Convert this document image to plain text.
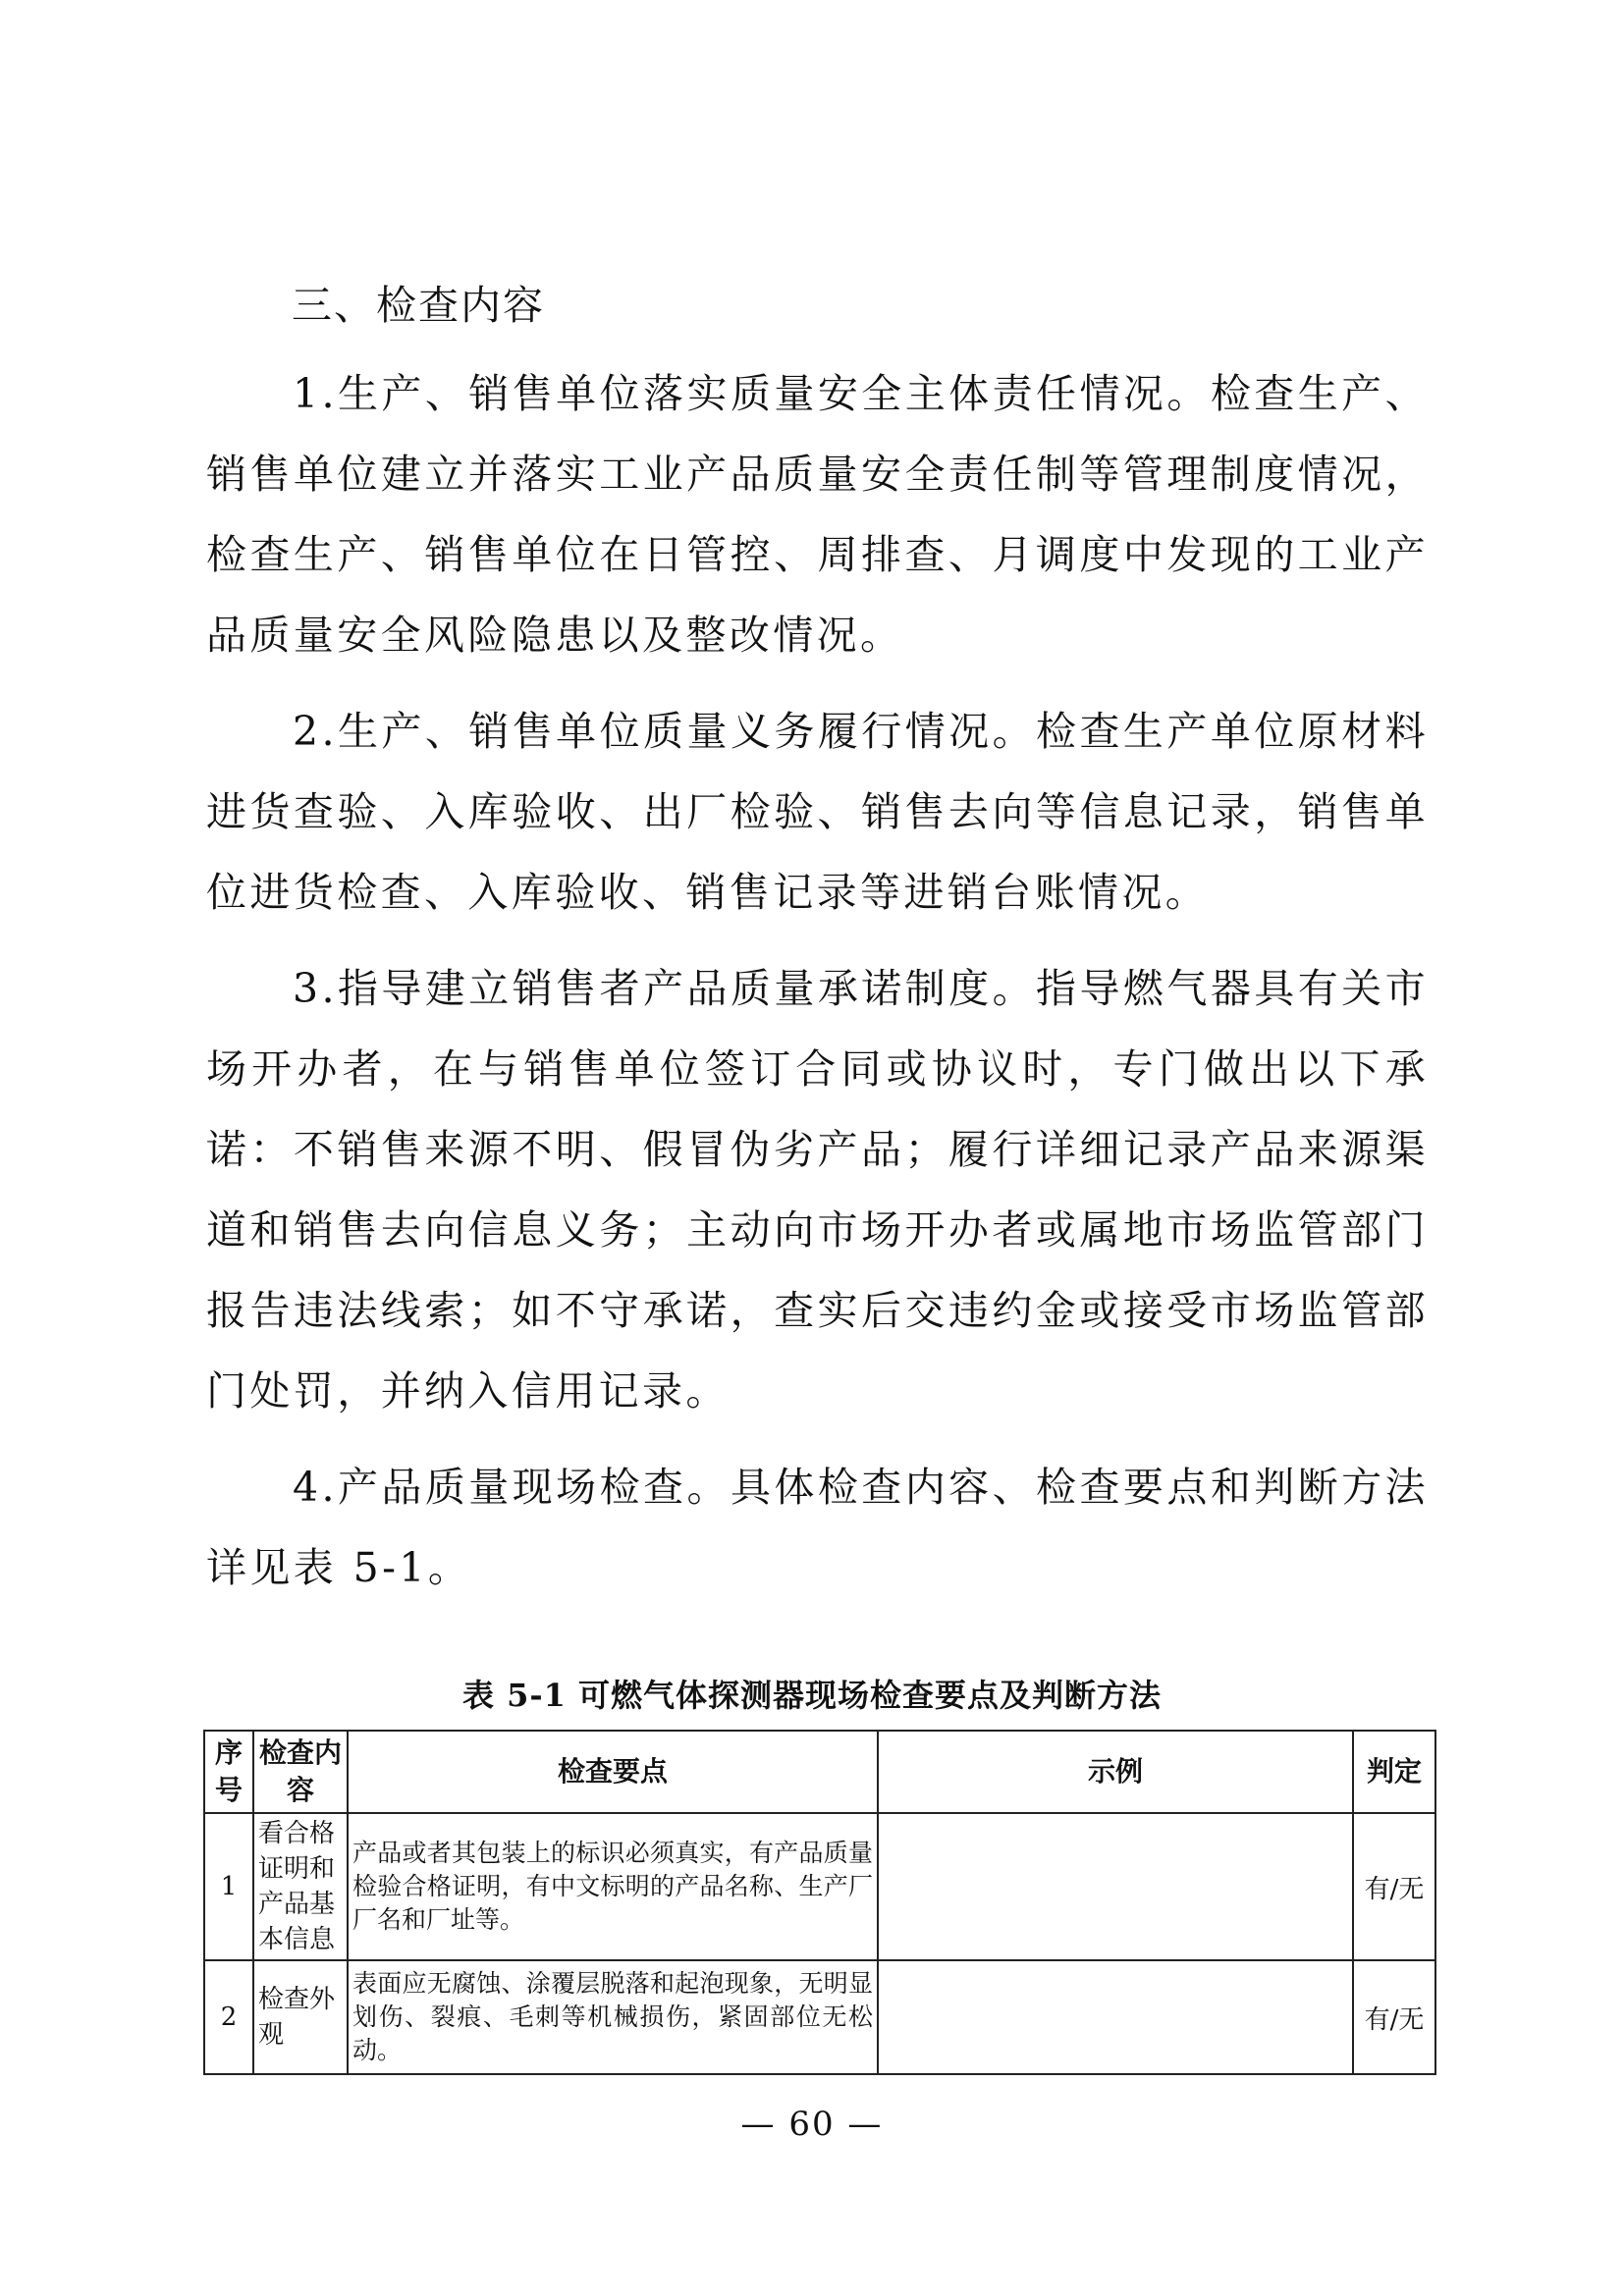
三、检查内容

1.生产、销售单位落实质量安全主体责任情况。检查生产、销售单位建立并落实工业产品质量安全责任制等管理制度情况，检查生产、销售单位在日管控、周排查、月调度中发现的工业产品质量安全风险隐患以及整改情况。

2.生产、销售单位质量义务履行情况。检查生产单位原材料进货查验、入库验收、出厂检验、销售去向等信息记录，销售单位进货检查、入库验收、销售记录等进销台账情况。

3.指导建立销售者产品质量承诺制度。指导燃气器具有关市场开办者，在与销售单位签订合同或协议时，专门做出以下承诺：不销售来源不明、假冒伪劣产品；履行详细记录产品来源渠道和销售去向信息义务；主动向市场开办者或属地市场监管部门报告违法线索；如不守承诺，查实后交违约金或接受市场监管部门处罚，并纳入信用记录。

4.产品质量现场检查。具体检查内容、检查要点和判断方法详见表 5-1。

表 5-1 可燃气体探测器现场检查要点及判断方法
序号	检查内容	检查要点	示例	判定
1	看合格证明和产品基本信息	产品或者其包装上的标识必须真实，有产品质量检验合格证明，有中文标明的产品名称、生产厂厂名和厂址等。		有/无
2	检查外观	表面应无腐蚀、涂覆层脱落和起泡现象，无明显划伤、裂痕、毛刺等机械损伤，紧固部位无松动。		有/无
— 60 —
